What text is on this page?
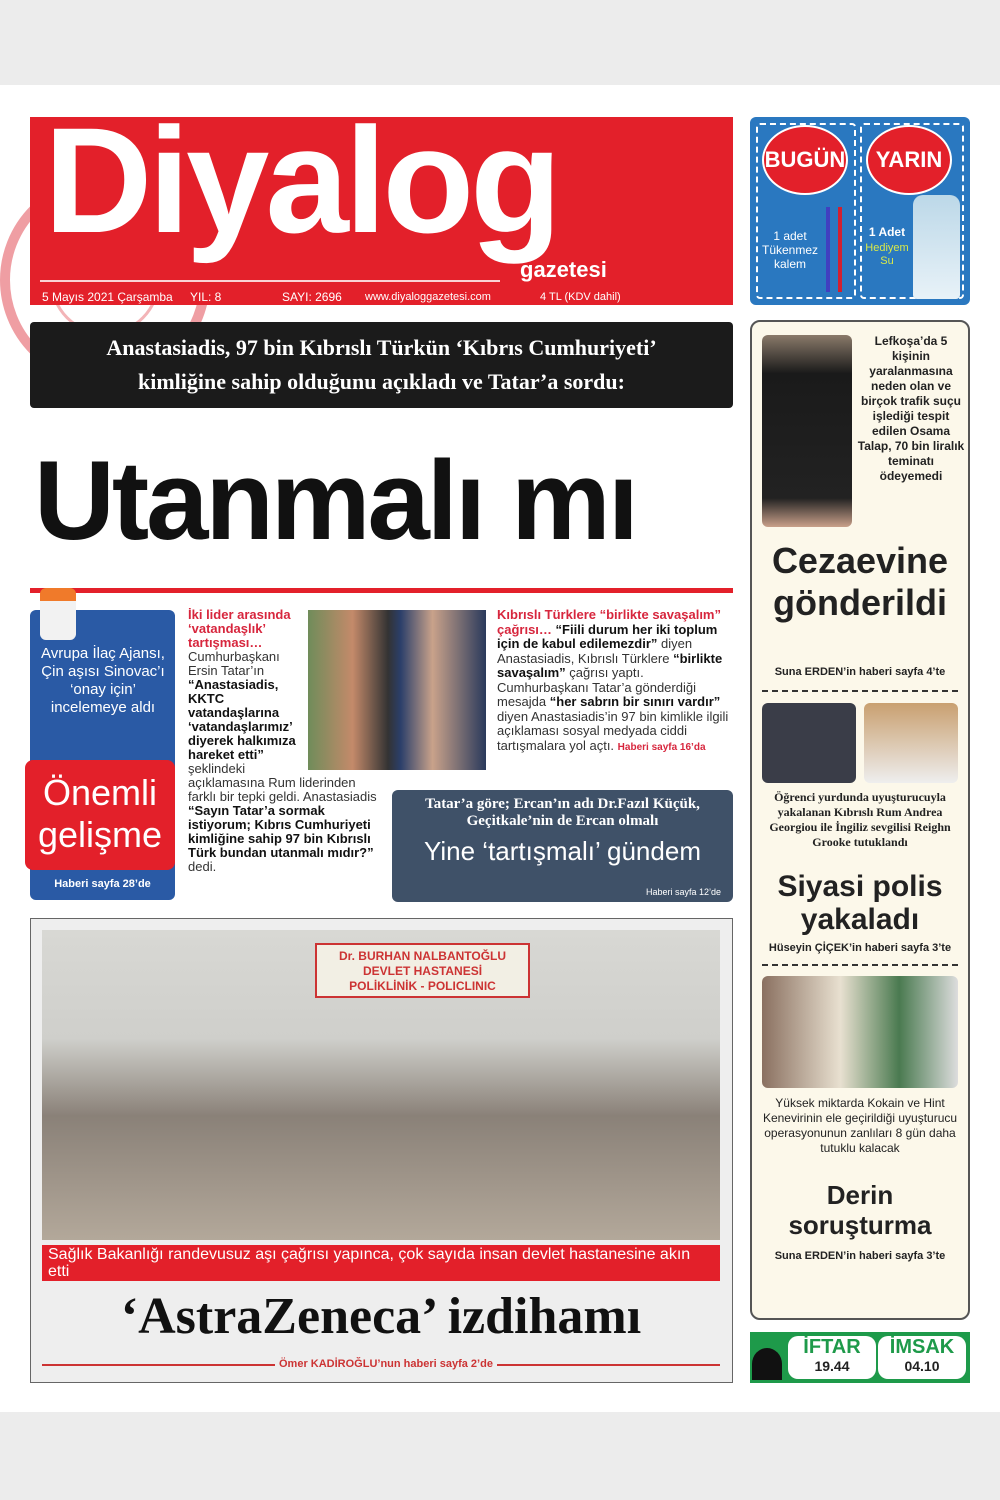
Diyalog
gazetesi
5 Mayıs 2021 Çarşamba YIL: 8	SAYI: 2696 www.diyaloggazetesi.com	4 TL (KDV dahil)
Anastasiadis, 97 bin Kıbrıslı Türkün ‘Kıbrıs Cumhuriyeti’
kimliğine sahip olduğunu açıkladı ve Tatar’a sordu:
Utanmalı mı
Avrupa İlaç Ajansı, Çin aşısı Sinovac’ı ‘onay için’ incelemeye aldı
Önemli gelişme
Haberi sayfa 28’de
İki lider arasında ‘vatandaşlık’ tartışması… Cumhurbaşkanı Ersin Tatar’ın “Anastasiadis, KKTC vatandaşlarına ‘vatandaşlarımız’ diyerek halkımıza hareket etti” şeklindeki açıklamasına Rum liderinden farklı bir tepki geldi. Anastasiadis “Sayın Tatar’a sormak istiyorum; Kıbrıs Cumhuriyeti kimliğine sahip 97 bin Kıbrıslı Türk bundan utanmalı mıdır?” dedi.
Kıbrıslı Türklere “birlikte savaşalım” çağrısı… “Fiili durum her iki toplum için de kabul edilemezdir” diyen Anastasiadis, Kıbrıslı Türklere “birlikte savaşalım” çağrısı yaptı. Cumhurbaşkanı Tatar’a gönderdiği mesajda “her sabrın bir sınırı vardır” diyen Anastasiadis’in 97 bin kimlikle ilgili açıklaması sosyal medyada ciddi tartışmalara yol açtı. Haberi sayfa 16’da
Tatar’a göre; Ercan’ın adı Dr.Fazıl Küçük, Geçitkale’nin de Ercan olmalı
Yine ‘tartışmalı’ gündem
Haberi sayfa 12’de
Dr. BURHAN NALBANTOĞLU
DEVLET HASTANESİ
POLİKLİNİK - POLICLINIC
Sağlık Bakanlığı randevusuz aşı çağrısı yapınca, çok sayıda insan devlet hastanesine akın etti
‘AstraZeneca’ izdihamı
Ömer KADİROĞLU’nun haberi sayfa 2’de
BUGÜN	YARIN
1 adet Tükenmez kalem
1 Adet
Hediyem Su
Lefkoşa’da 5 kişinin yaralanmasına neden olan ve birçok trafik suçu işlediği tespit edilen Osama Talap, 70 bin liralık teminatı ödeyemedi
Cezaevine gönderildi
Suna ERDEN’in haberi sayfa 4’te
Öğrenci yurdunda uyuşturucuyla yakalanan Kıbrıslı Rum Andrea Georgiou ile İngiliz sevgilisi Reighn Grooke tutuklandı
Siyasi polis yakaladı
Hüseyin ÇİÇEK’in haberi sayfa 3’te
Yüksek miktarda Kokain ve Hint Kenevirinin ele geçirildiği uyuşturucu operasyonunun zanlıları 8 gün daha tutuklu kalacak
Derin soruşturma
Suna ERDEN’in haberi sayfa 3’te
İFTAR
19.44
İMSAK
04.10
